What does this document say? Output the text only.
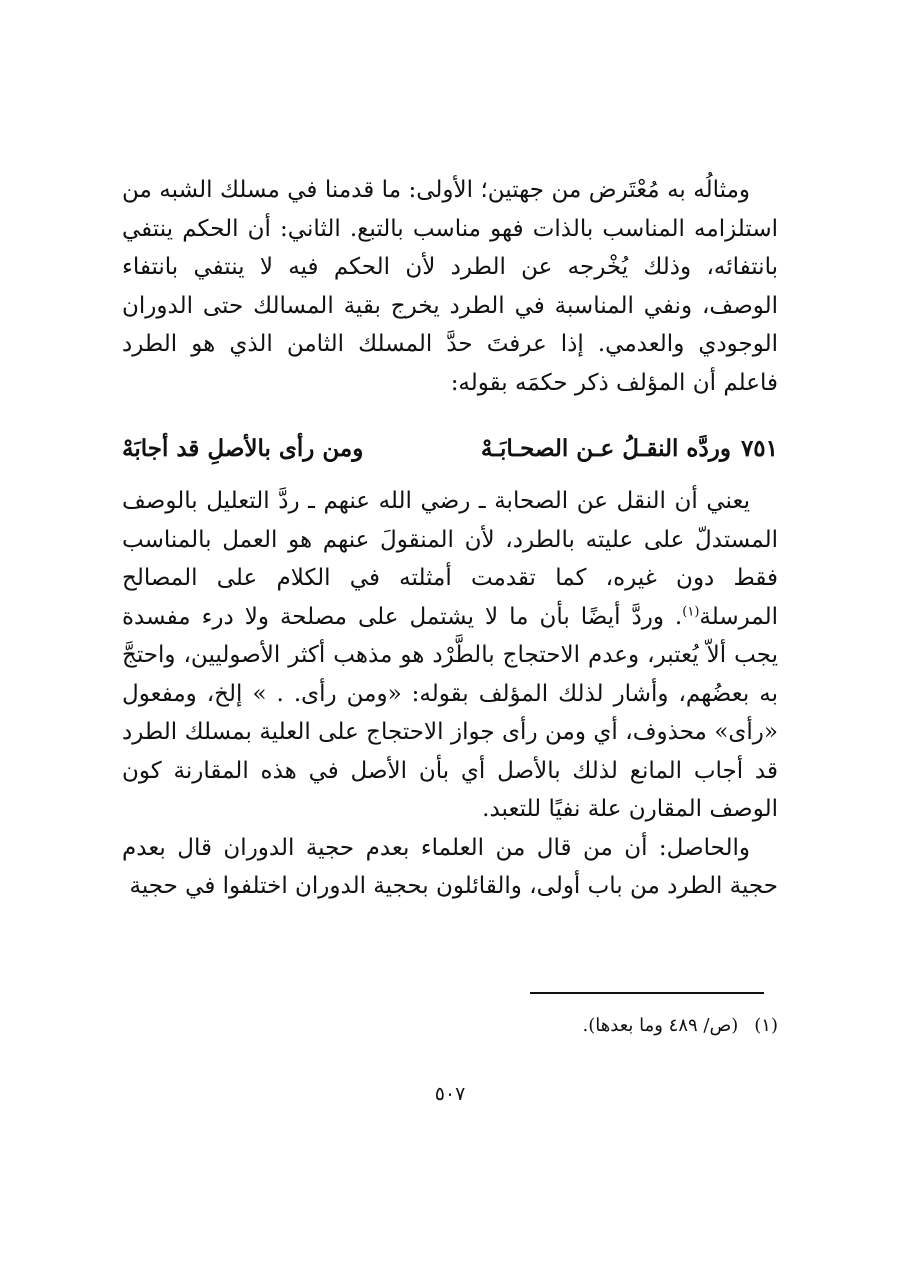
ومثالُه به مُعْتَرض من جهتين؛ الأولى: ما قدمنا في مسلك الشبه من استلزامه المناسب بالذات فهو مناسب بالتبع. الثاني: أن الحكم ينتفي بانتفائه، وذلك يُخْرجه عن الطرد لأن الحكم فيه لا ينتفي بانتفاء الوصف، ونفي المناسبة في الطرد يخرج بقية المسالك حتى الدوران الوجودي والعدمي. إذا عرفتَ حدَّ المسلك الثامن الذي هو الطرد فاعلم أن المؤلف ذكر حكمَه بقوله:

٧٥١وردَّه النقـلُ عـن الصحـابَـهْ
ومن رأى بالأصلِ قد أجابَهْ

يعني أن النقل عن الصحابة ـ رضي الله عنهم ـ ردَّ التعليل بالوصف المستدلّ على عليته بالطرد، لأن المنقولَ عنهم هو العمل بالمناسب فقط دون غيره، كما تقدمت أمثلته في الكلام على المصالح المرسلة$^{(١)}$. وردَّ أيضًا بأن ما لا يشتمل على مصلحة ولا درء مفسدة يجب ألاّ يُعتبر، وعدم الاحتجاج بالطَّرْد هو مذهب أكثر الأصوليين، واحتجَّ به بعضُهم، وأشار لذلك المؤلف بقوله: «ومن رأى. . » إلخ، ومفعول «رأى» محذوف، أي ومن رأى جواز الاحتجاج على العلية بمسلك الطرد قد أجاب المانع لذلك بالأصل أي بأن الأصل في هذه المقارنة كون الوصف المقارن علة نفيًا للتعبد.

والحاصل: أن من قال من العلماء بعدم حجية الدوران قال بعدم حجية الطرد من باب أولى، والقائلون بحجية الدوران اختلفوا في حجية

(١)(ص/ ٤٨٩ وما بعدها).
٥٠٧
